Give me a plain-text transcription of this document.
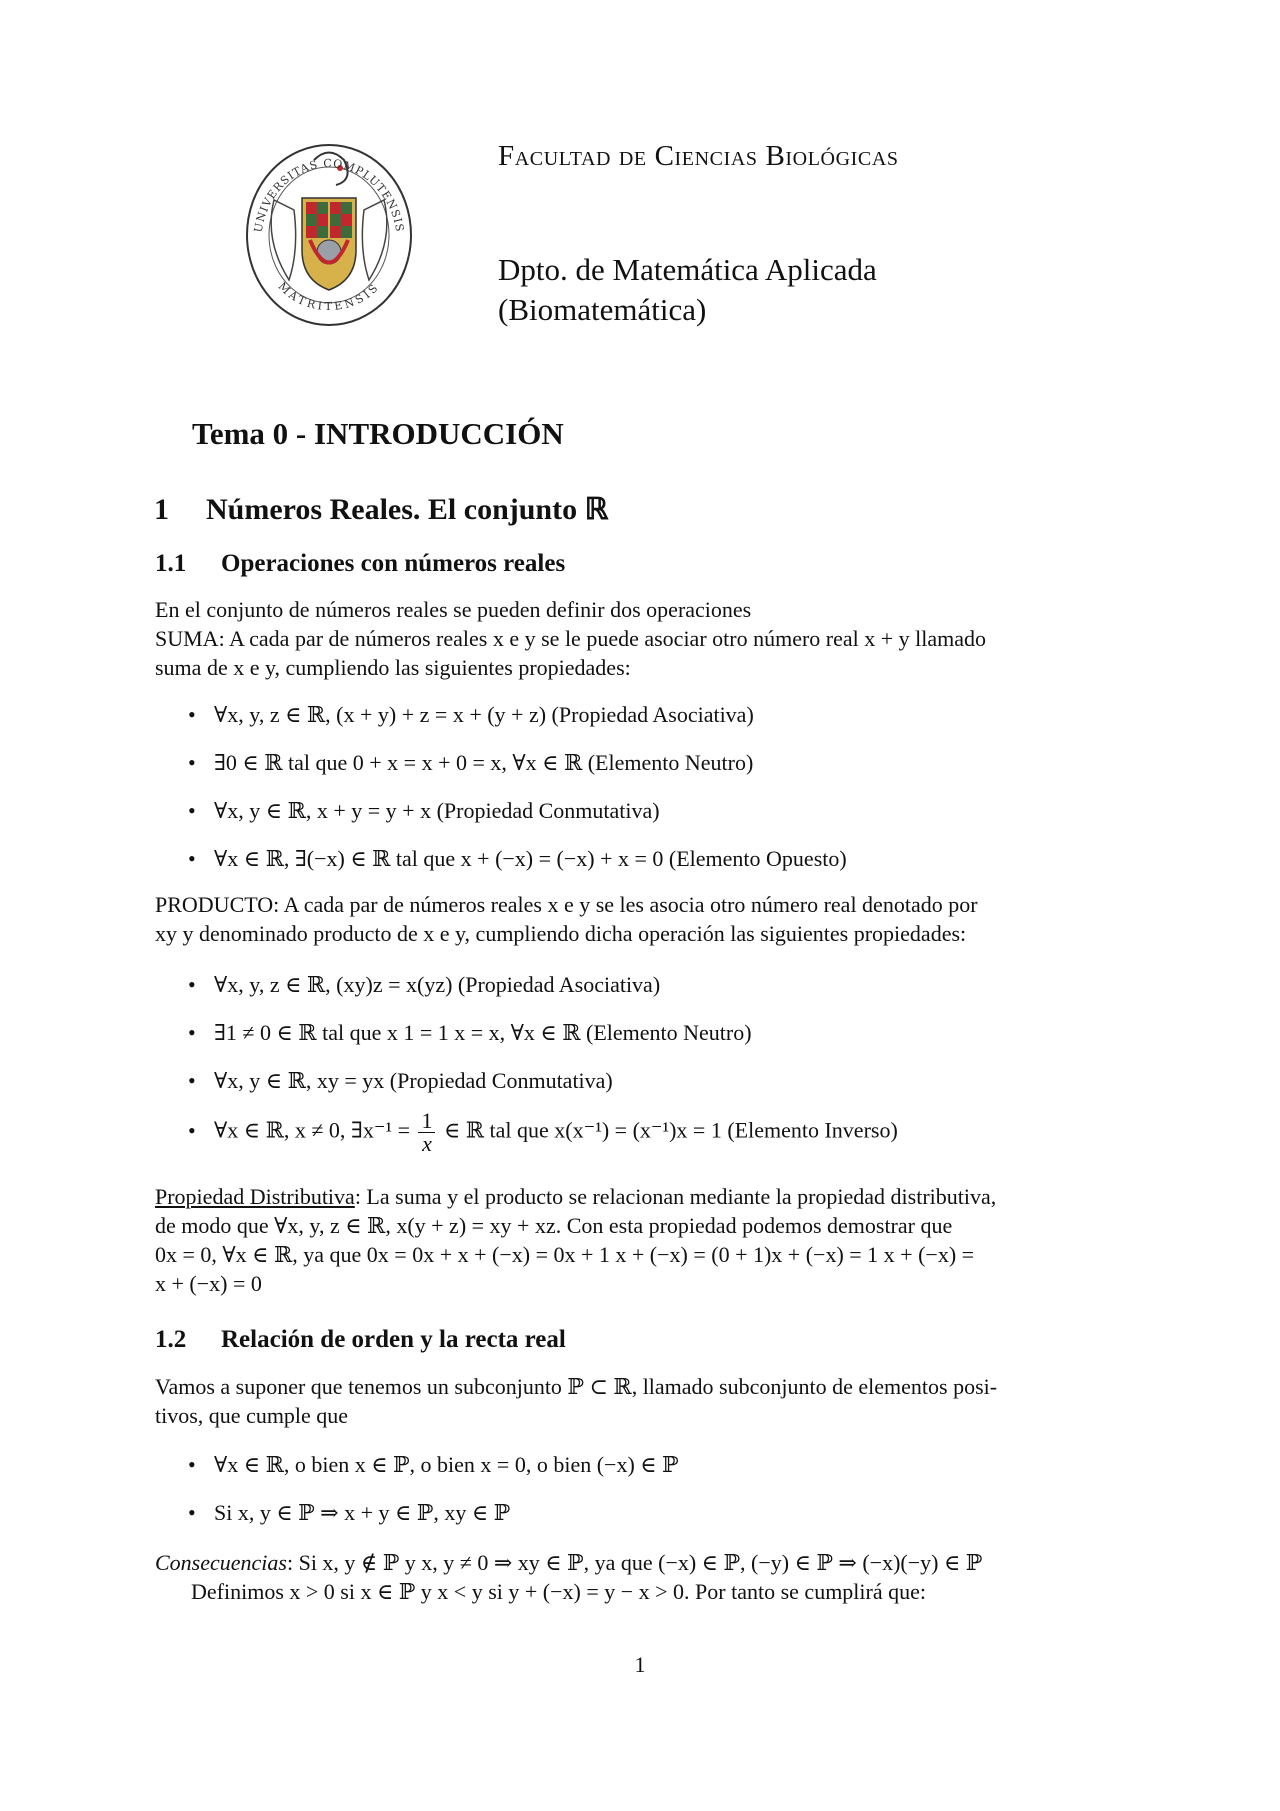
UNIVERSITAS COMPLUTENSIS
MATRITENSIS
Facultad de Ciencias Biológicas
Dpto. de Matemática Aplicada
(Biomatemática)
Tema 0 - INTRODUCCIÓN
1 Números Reales. El conjunto ℝ
1.1 Operaciones con números reales
En el conjunto de números reales se pueden definir dos operaciones
SUMA: A cada par de números reales x e y se le puede asociar otro número real x + y llamado
suma de x e y, cumpliendo las siguientes propiedades:
• ∀x, y, z ∈ ℝ, (x + y) + z = x + (y + z) (Propiedad Asociativa)
• ∃0 ∈ ℝ tal que 0 + x = x + 0 = x, ∀x ∈ ℝ (Elemento Neutro)
• ∀x, y ∈ ℝ, x + y = y + x (Propiedad Conmutativa)
• ∀x ∈ ℝ, ∃(−x) ∈ ℝ tal que x + (−x) = (−x) + x = 0 (Elemento Opuesto)
PRODUCTO: A cada par de números reales x e y se les asocia otro número real denotado por
xy y denominado producto de x e y, cumpliendo dicha operación las siguientes propiedades:
• ∀x, y, z ∈ ℝ, (xy)z = x(yz) (Propiedad Asociativa)
• ∃1 ≠ 0 ∈ ℝ tal que x 1 = 1 x = x, ∀x ∈ ℝ (Elemento Neutro)
• ∀x, y ∈ ℝ, xy = yx (Propiedad Conmutativa)
• ∀x ∈ ℝ, x ≠ 0, ∃x⁻¹ = $\frac{1}{x}$ ∈ ℝ tal que x(x⁻¹) = (x⁻¹)x = 1 (Elemento Inverso)
Propiedad Distributiva: La suma y el producto se relacionan mediante la propiedad distributiva,
de modo que ∀x, y, z ∈ ℝ, x(y + z) = xy + xz. Con esta propiedad podemos demostrar que
0x = 0, ∀x ∈ ℝ, ya que 0x = 0x + x + (−x) = 0x + 1 x + (−x) = (0 + 1)x + (−x) = 1 x + (−x) =
x + (−x) = 0
1.2 Relación de orden y la recta real
Vamos a suponer que tenemos un subconjunto ℙ ⊂ ℝ, llamado subconjunto de elementos posi-
tivos, que cumple que
• ∀x ∈ ℝ, o bien x ∈ ℙ, o bien x = 0, o bien (−x) ∈ ℙ
• Si x, y ∈ ℙ ⇒ x + y ∈ ℙ, xy ∈ ℙ
Consecuencias: Si x, y ∉ ℙ y x, y ≠ 0 ⇒ xy ∈ ℙ, ya que (−x) ∈ ℙ, (−y) ∈ ℙ ⇒ (−x)(−y) ∈ ℙ
Definimos x > 0 si x ∈ ℙ y x < y si y + (−x) = y − x > 0. Por tanto se cumplirá que:
1
